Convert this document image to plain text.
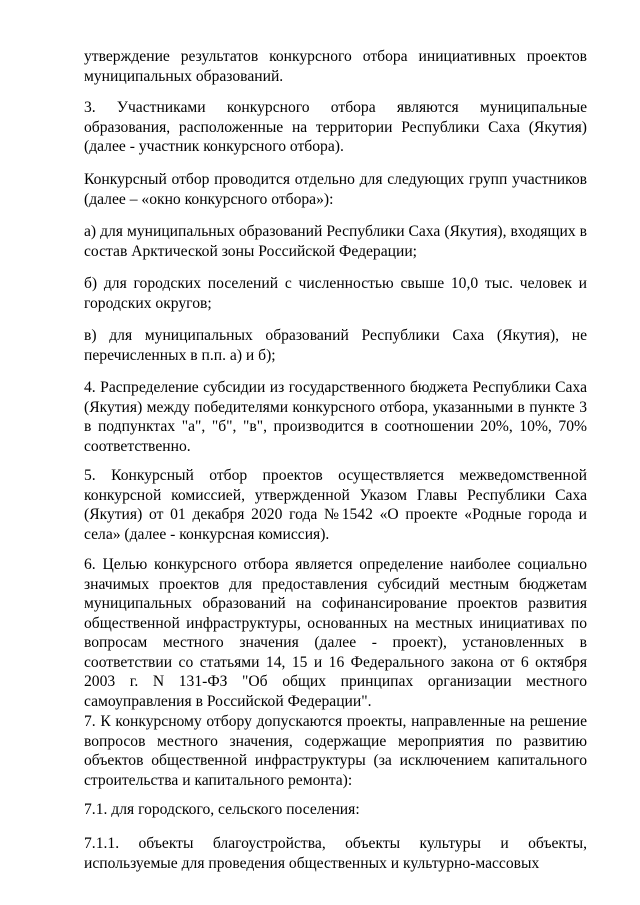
утверждение результатов конкурсного отбора инициативных проектов муниципальных образований.

3. Участниками конкурсного отбора являются муниципальные образования, расположенные на территории Республики Саха (Якутия) (далее - участник конкурсного отбора).

Конкурсный отбор проводится отдельно для следующих групп участников (далее – «окно конкурсного отбора»):

а) для муниципальных образований Республики Саха (Якутия), входящих в состав Арктической зоны Российской Федерации;

б) для городских поселений с численностью свыше 10,0 тыс. человек и городских округов;

в) для муниципальных образований Республики Саха (Якутия), не перечисленных в п.п. а) и б);

4. Распределение субсидии из государственного бюджета Республики Саха (Якутия) между победителями конкурсного отбора, указанными в пункте 3 в подпунктах "а", "б", "в", производится в соотношении 20%, 10%, 70% соответственно.

5. Конкурсный отбор проектов осуществляется межведомственной конкурсной комиссией, утвержденной Указом Главы Республики Саха (Якутия) от 01 декабря 2020 года №1542 «О проекте «Родные города и села» (далее - конкурсная комиссия).

6. Целью конкурсного отбора является определение наиболее социально значимых проектов для предоставления субсидий местным бюджетам муниципальных образований на софинансирование проектов развития общественной инфраструктуры, основанных на местных инициативах по вопросам местного значения (далее - проект), установленных в соответствии со статьями 14, 15 и 16 Федерального закона от 6 октября 2003 г. N 131-ФЗ "Об общих принципах организации местного самоуправления в Российской Федерации".

7. К конкурсному отбору допускаются проекты, направленные на решение вопросов местного значения, содержащие мероприятия по развитию объектов общественной инфраструктуры (за исключением капитального строительства и капитального ремонта):

7.1. для городского, сельского поселения:

7.1.1. объекты благоустройства, объекты культуры и объекты, используемые для проведения общественных и культурно-массовых
